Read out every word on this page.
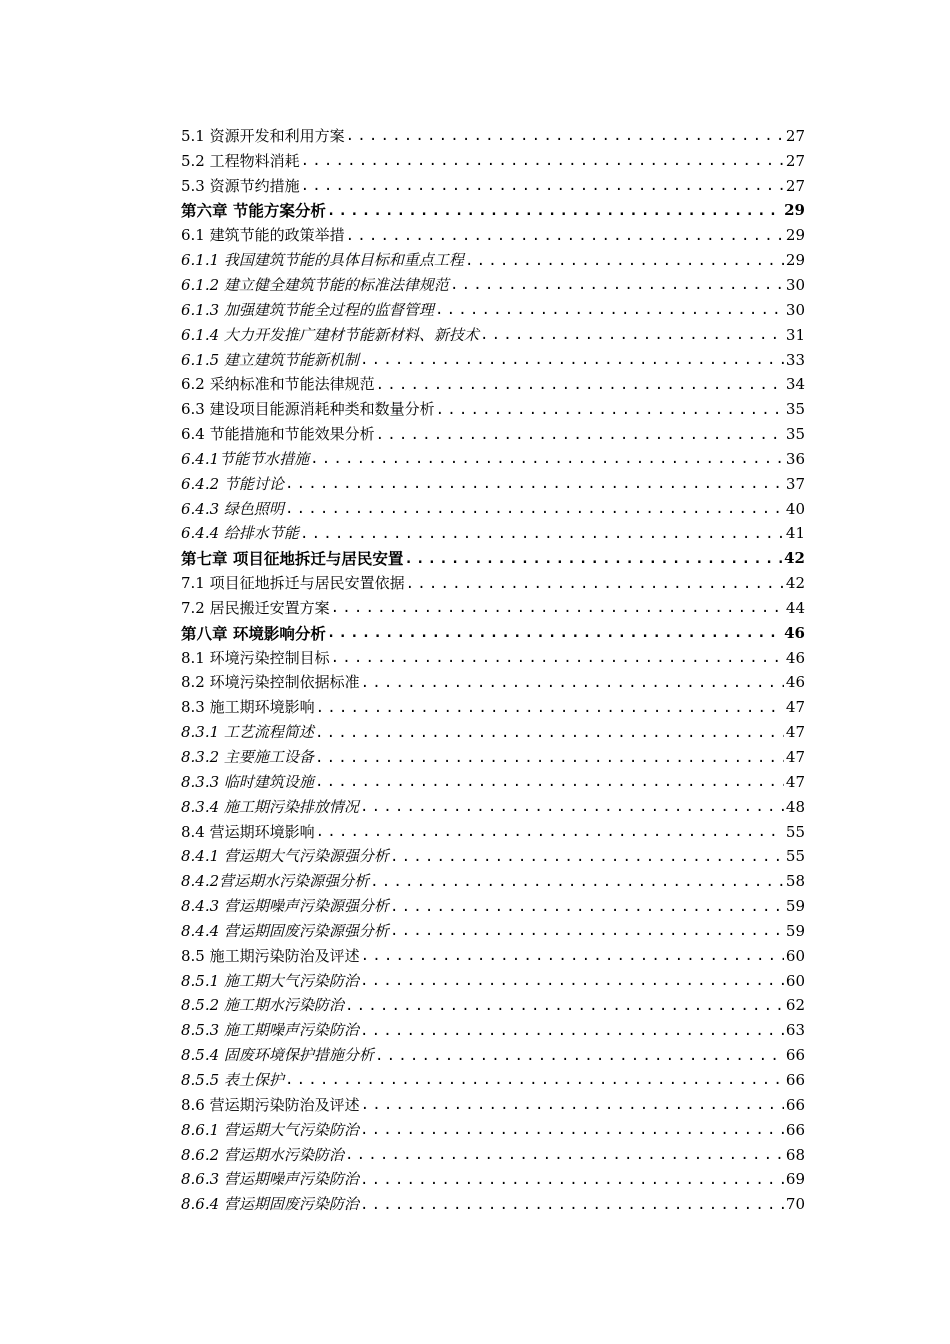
5.1 资源开发和利用方案 .....	27
5.2 工程物料消耗 .....	27
5.3 资源节约措施 .....	27
第六章 节能方案分析 .....	29
6.1 建筑节能的政策举措 .....	29
6.1.1 我国建筑节能的具体目标和重点工程 .....	29
6.1.2 建立健全建筑节能的标准法律规范 .....	30
6.1.3 加强建筑节能全过程的监督管理 .....	30
6.1.4 大力开发推广建材节能新材料、新技术 .....	31
6.1.5 建立建筑节能新机制 .....	33
6.2 采纳标准和节能法律规范 .....	34
6.3 建设项目能源消耗种类和数量分析 .....	35
6.4 节能措施和节能效果分析 .....	35
6.4.1节能节水措施 .....	36
6.4.2 节能讨论 .....	37
6.4.3 绿色照明 .....	40
6.4.4 给排水节能 .....	41
第七章 项目征地拆迁与居民安置 .....	42
7.1 项目征地拆迁与居民安置依据 .....	42
7.2 居民搬迁安置方案 .....	44
第八章 环境影响分析 .....	46
8.1 环境污染控制目标 .....	46
8.2 环境污染控制依据标准 .....	46
8.3 施工期环境影响 .....	47
8.3.1 工艺流程简述 .....	47
8.3.2 主要施工设备 .....	47
8.3.3 临时建筑设施 .....	47
8.3.4 施工期污染排放情况 .....	48
8.4 营运期环境影响 .....	55
8.4.1 营运期大气污染源强分析 .....	55
8.4.2营运期水污染源强分析 .....	58
8.4.3 营运期噪声污染源强分析 .....	59
8.4.4 营运期固废污染源强分析 .....	59
8.5 施工期污染防治及评述 .....	60
8.5.1 施工期大气污染防治 .....	60
8.5.2 施工期水污染防治 .....	62
8.5.3 施工期噪声污染防治 .....	63
8.5.4 固废环境保护措施分析 .....	66
8.5.5 表土保护 .....	66
8.6 营运期污染防治及评述 .....	66
8.6.1 营运期大气污染防治 .....	66
8.6.2 营运期水污染防治 .....	68
8.6.3 营运期噪声污染防治 .....	69
8.6.4 营运期固废污染防治 .....	70
